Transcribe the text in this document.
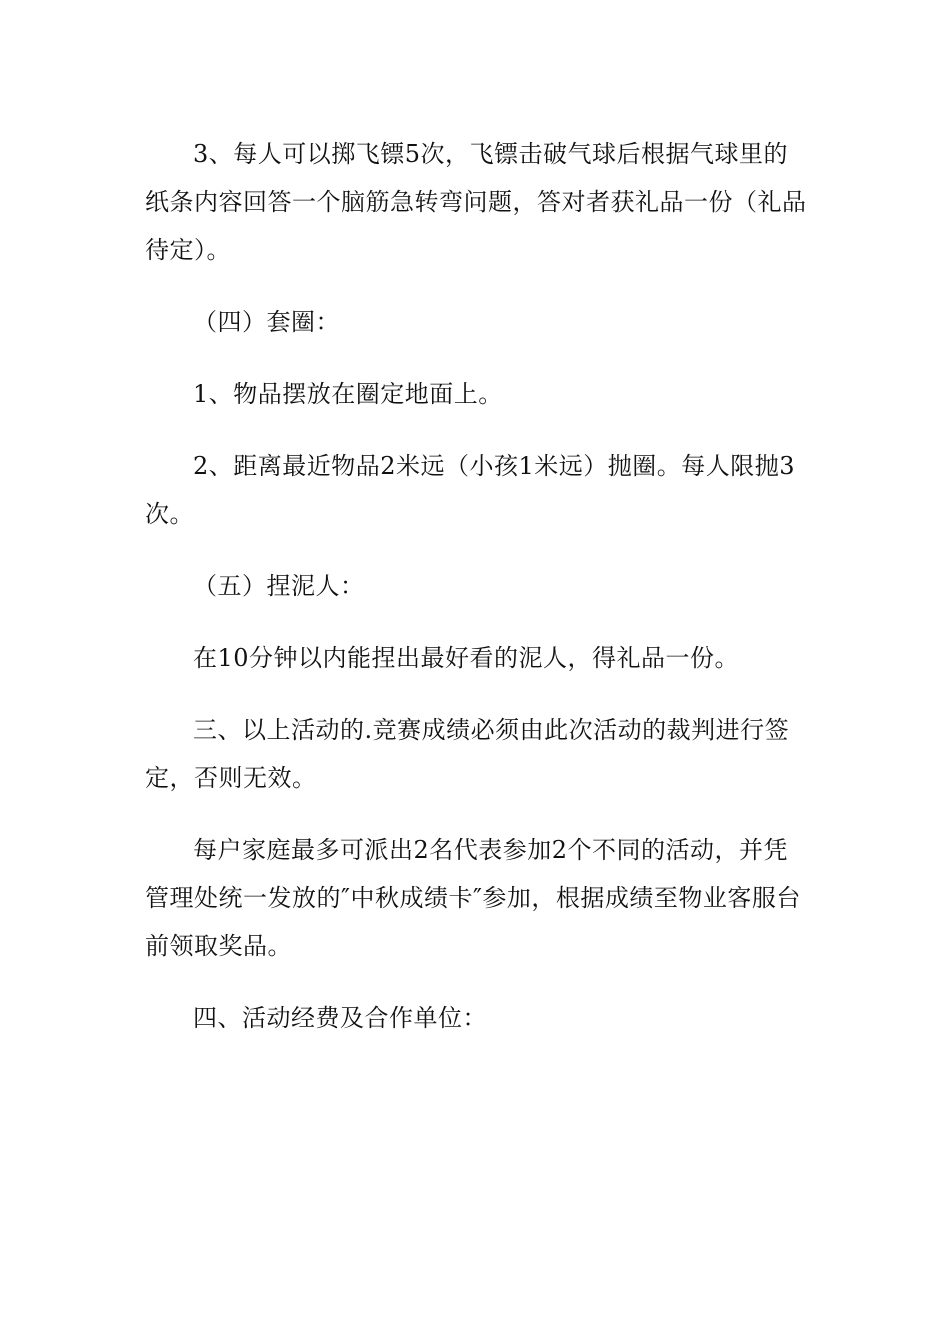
3、每人可以掷飞镖5次，飞镖击破气球后根据气球里的纸条内容回答一个脑筋急转弯问题，答对者获礼品一份（礼品待定）。

（四）套圈：

1、物品摆放在圈定地面上。

2、距离最近物品2米远（小孩1米远）抛圈。每人限抛3次。

（五）捏泥人：

在10分钟以内能捏出最好看的泥人，得礼品一份。

三、以上活动的.竞赛成绩必须由此次活动的裁判进行签定，否则无效。

每户家庭最多可派出2名代表参加2个不同的活动，并凭管理处统一发放的″中秋成绩卡″参加，根据成绩至物业客服台前领取奖品。

四、活动经费及合作单位：
